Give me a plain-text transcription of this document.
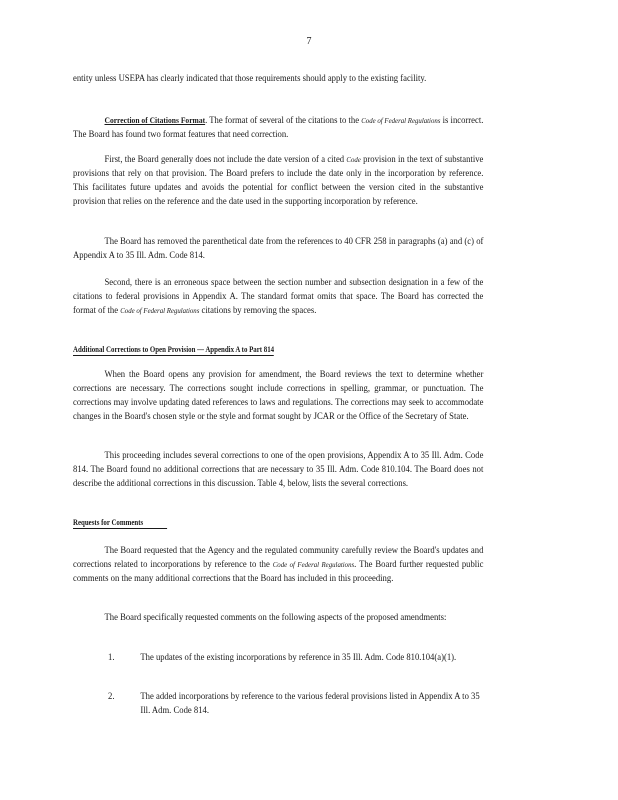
7
entity unless USEPA has clearly indicated that those requirements should apply to the existing facility.
Correction of Citations Format. The format of several of the citations to the Code of Federal Regulations is incorrect. The Board has found two format features that need correction.
First, the Board generally does not include the date version of a cited Code provision in the text of substantive provisions that rely on that provision. The Board prefers to include the date only in the incorporation by reference. This facilitates future updates and avoids the potential for conflict between the version cited in the substantive provision that relies on the reference and the date used in the supporting incorporation by reference.
The Board has removed the parenthetical date from the references to 40 CFR 258 in paragraphs (a) and (c) of Appendix A to 35 Ill. Adm. Code 814.
Second, there is an erroneous space between the section number and subsection designation in a few of the citations to federal provisions in Appendix A. The standard format omits that space. The Board has corrected the format of the Code of Federal Regulations citations by removing the spaces.
Additional Corrections to Open Provision — Appendix A to Part 814
When the Board opens any provision for amendment, the Board reviews the text to determine whether corrections are necessary. The corrections sought include corrections in spelling, grammar, or punctuation. The corrections may involve updating dated references to laws and regulations. The corrections may seek to accommodate changes in the Board's chosen style or the style and format sought by JCAR or the Office of the Secretary of State.
This proceeding includes several corrections to one of the open provisions, Appendix A to 35 Ill. Adm. Code 814. The Board found no additional corrections that are necessary to 35 Ill. Adm. Code 810.104. The Board does not describe the additional corrections in this discussion. Table 4, below, lists the several corrections.
Requests for Comments
The Board requested that the Agency and the regulated community carefully review the Board's updates and corrections related to incorporations by reference to the Code of Federal Regulations. The Board further requested public comments on the many additional corrections that the Board has included in this proceeding.
The Board specifically requested comments on the following aspects of the proposed amendments:
1.	The updates of the existing incorporations by reference in 35 Ill. Adm. Code 810.104(a)(1).
2.	The added incorporations by reference to the various federal provisions listed in Appendix A to 35 Ill. Adm. Code 814.
